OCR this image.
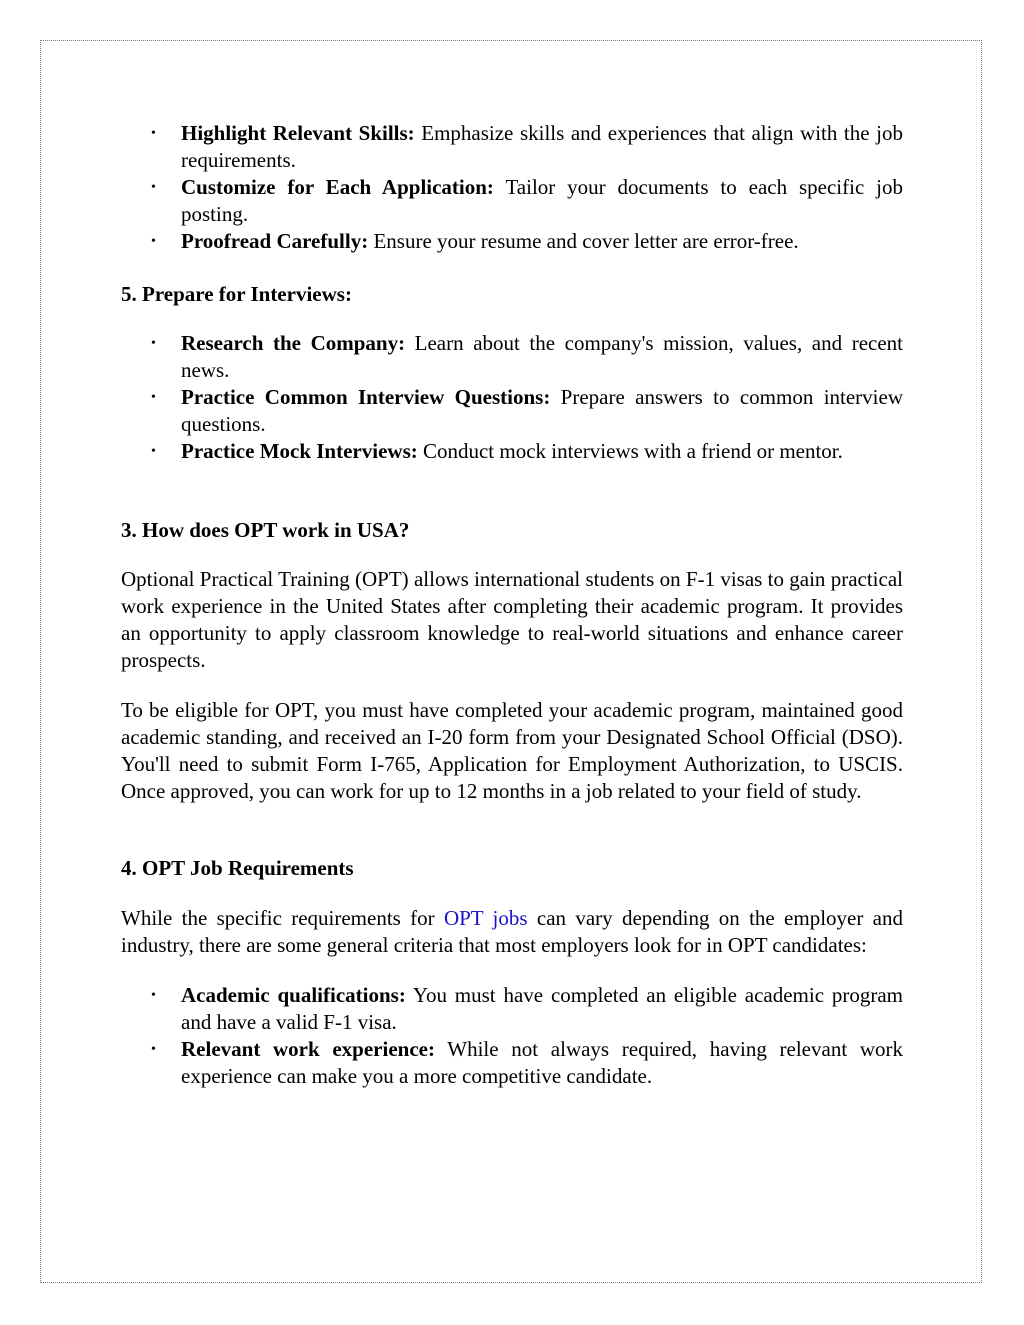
• Highlight Relevant Skills: Emphasize skills and experiences that align with the job requirements.
• Customize for Each Application: Tailor your documents to each specific job posting.
• Proofread Carefully: Ensure your resume and cover letter are error-free.
5. Prepare for Interviews:
• Research the Company: Learn about the company's mission, values, and recent news.
• Practice Common Interview Questions: Prepare answers to common interview questions.
• Practice Mock Interviews: Conduct mock interviews with a friend or mentor.
3. How does OPT work in USA?

Optional Practical Training (OPT) allows international students on F-1 visas to gain practical work experience in the United States after completing their academic program. It provides an opportunity to apply classroom knowledge to real-world situations and enhance career prospects.

To be eligible for OPT, you must have completed your academic program, maintained good academic standing, and received an I-20 form from your Designated School Official (DSO). You'll need to submit Form I-765, Application for Employment Authorization, to USCIS. Once approved, you can work for up to 12 months in a job related to your field of study.

4. OPT Job Requirements

While the specific requirements for OPT jobs can vary depending on the employer and industry, there are some general criteria that most employers look for in OPT candidates:

• Academic qualifications: You must have completed an eligible academic program and have a valid F-1 visa.
• Relevant work experience: While not always required, having relevant work experience can make you a more competitive candidate.
